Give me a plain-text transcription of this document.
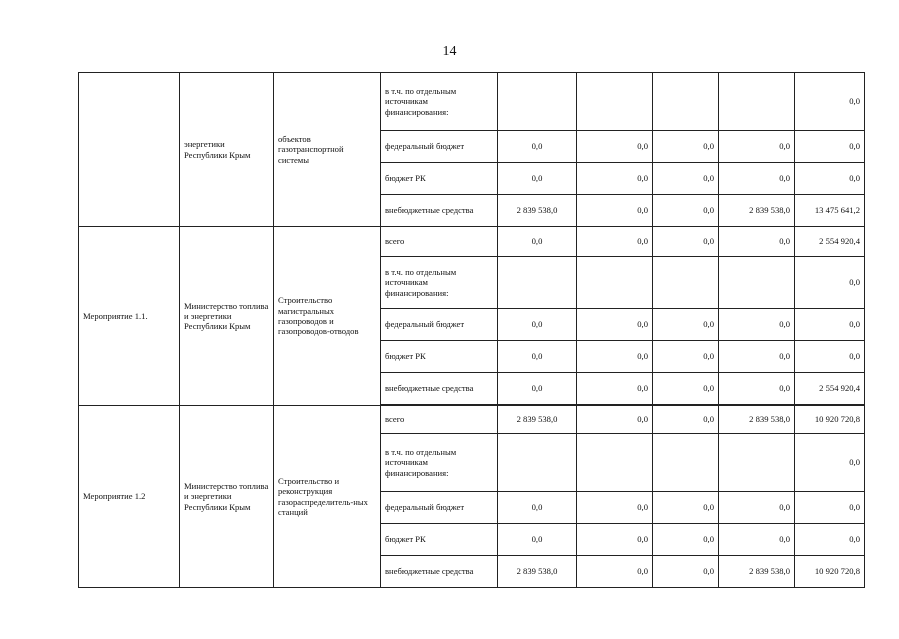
14
	энергетики Республики Крым	объектов газотранспортной системы	в т.ч. по отдельным источникам финансирования:					0,0
			федеральный бюджет	0,0	0,0	0,0	0,0	0,0
			бюджет РК	0,0	0,0	0,0	0,0	0,0
			внебюджетные средства	2 839 538,0	0,0	0,0	2 839 538,0	13 475 641,2
Мероприятие 1.1.	Министерство топлива и энергетики Республики Крым	Строительство магистральных газопроводов и газопроводов-отводов	всего	0,0	0,0	0,0	0,0	2 554 920,4
			в т.ч. по отдельным источникам финансирования:					0,0
			федеральный бюджет	0,0	0,0	0,0	0,0	0,0
			бюджет РК	0,0	0,0	0,0	0,0	0,0
			внебюджетные средства	0,0	0,0	0,0	0,0	2 554 920,4

Мероприятие 1.2	Министерство топлива и энергетики Республики Крым	Строительство и реконструкция газораспределитель-ных станций	всего	2 839 538,0	0,0	0,0	2 839 538,0	10 920 720,8
			в т.ч. по отдельным источникам финансирования:					0,0
			федеральный бюджет	0,0	0,0	0,0	0,0	0,0
			бюджет РК	0,0	0,0	0,0	0,0	0,0
			внебюджетные средства	2 839 538,0	0,0	0,0	2 839 538,0	10 920 720,8
